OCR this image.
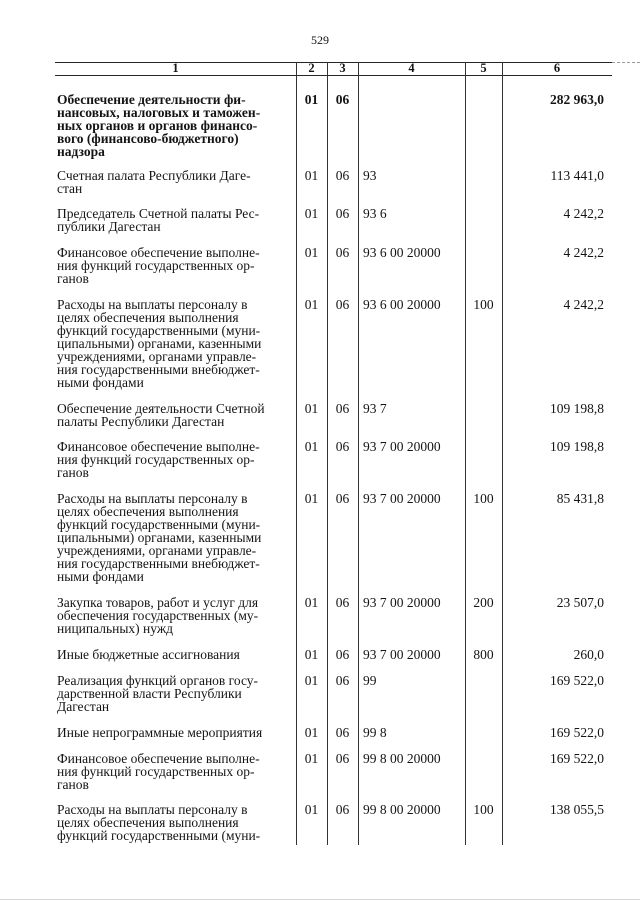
529
1	2	3	4	5	6
Обеспечение деятельности фи-
нансовых, налоговых и таможен-
ных органов и органов финансо-
вого (финансово-бюджетного)
надзора
01	06	282 963,0
Счетная палата Республики Даге-
стан
01	06	93	113 441,0
Председатель Счетной палаты Рес-
публики Дагестан
01	06	93 6	4 242,2
Финансовое обеспечение выполне-
ния функций государственных ор-
ганов
01	06	93 6 00 20000	4 242,2
Расходы на выплаты персоналу в
целях обеспечения выполнения
функций государственными (муни-
ципальными) органами, казенными
учреждениями, органами управле-
ния государственными внебюджет-
ными фондами
01	06	93 6 00 20000	100	4 242,2
Обеспечение деятельности Счетной
палаты Республики Дагестан
01	06	93 7	109 198,8
Финансовое обеспечение выполне-
ния функций государственных ор-
ганов
01	06	93 7 00 20000	109 198,8
Расходы на выплаты персоналу в
целях обеспечения выполнения
функций государственными (муни-
ципальными) органами, казенными
учреждениями, органами управле-
ния государственными внебюджет-
ными фондами
01	06	93 7 00 20000	100	85 431,8
Закупка товаров, работ и услуг для
обеспечения государственных (му-
ниципальных) нужд
01	06	93 7 00 20000	200	23 507,0
Иные бюджетные ассигнования	01	06	93 7 00 20000	800	260,0
Реализация функций органов госу-
дарственной власти Республики
Дагестан
01	06	99	169 522,0
Иные непрограммные мероприятия	01	06	99 8	169 522,0
Финансовое обеспечение выполне-
ния функций государственных ор-
ганов
01	06	99 8 00 20000	169 522,0
Расходы на выплаты персоналу в
целях обеспечения выполнения
функций государственными (муни-
01	06	99 8 00 20000	100	138 055,5
